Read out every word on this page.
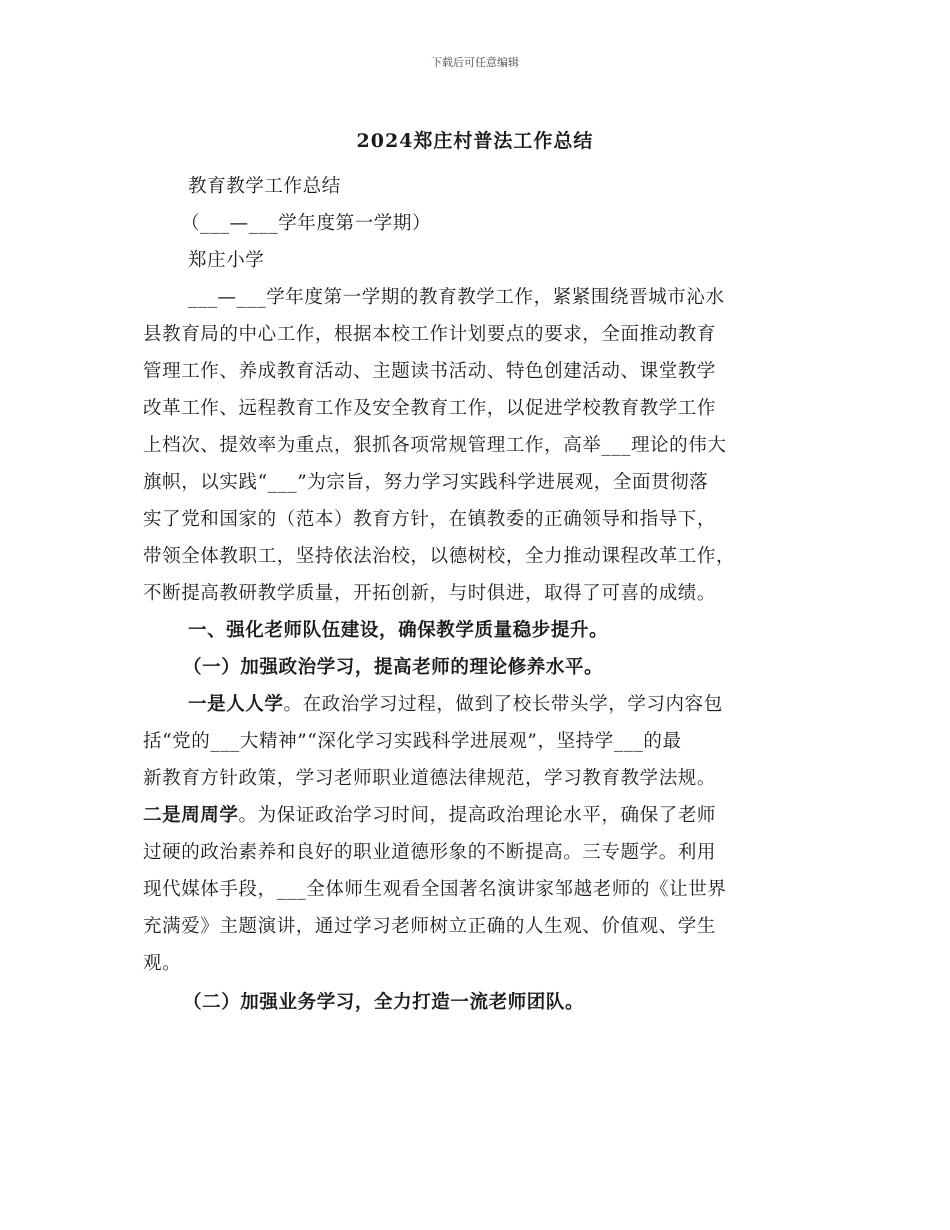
下载后可任意编辑
2024郑庄村普法工作总结
教育教学工作总结
（___—___学年度第一学期）
郑庄小学
___—___学年度第一学期的教育教学工作，紧紧围绕晋城市沁水
县教育局的中心工作，根据本校工作计划要点的要求，全面推动教育
管理工作、养成教育活动、主题读书活动、特色创建活动、课堂教学
改革工作、远程教育工作及安全教育工作，以促进学校教育教学工作
上档次、提效率为重点，狠抓各项常规管理工作，高举___理论的伟大
旗帜，以实践“___”为宗旨，努力学习实践科学进展观，全面贯彻落
实了党和国家的（范本）教育方针，在镇教委的正确领导和指导下，
带领全体教职工，坚持依法治校，以德树校，全力推动课程改革工作，
不断提高教研教学质量，开拓创新，与时俱进，取得了可喜的成绩。
一、强化老师队伍建设，确保教学质量稳步提升。
（一）加强政治学习，提高老师的理论修养水平。
一是人人学。在政治学习过程，做到了校长带头学，学习内容包
括“党的___大精神”“深化学习实践科学进展观”，坚持学___的最
新教育方针政策，学习老师职业道德法律规范，学习教育教学法规。
二是周周学。为保证政治学习时间，提高政治理论水平，确保了老师
过硬的政治素养和良好的职业道德形象的不断提高。三专题学。利用
现代媒体手段，___全体师生观看全国著名演讲家邹越老师的《让世界
充满爱》主题演讲，通过学习老师树立正确的人生观、价值观、学生
观。
（二）加强业务学习，全力打造一流老师团队。
